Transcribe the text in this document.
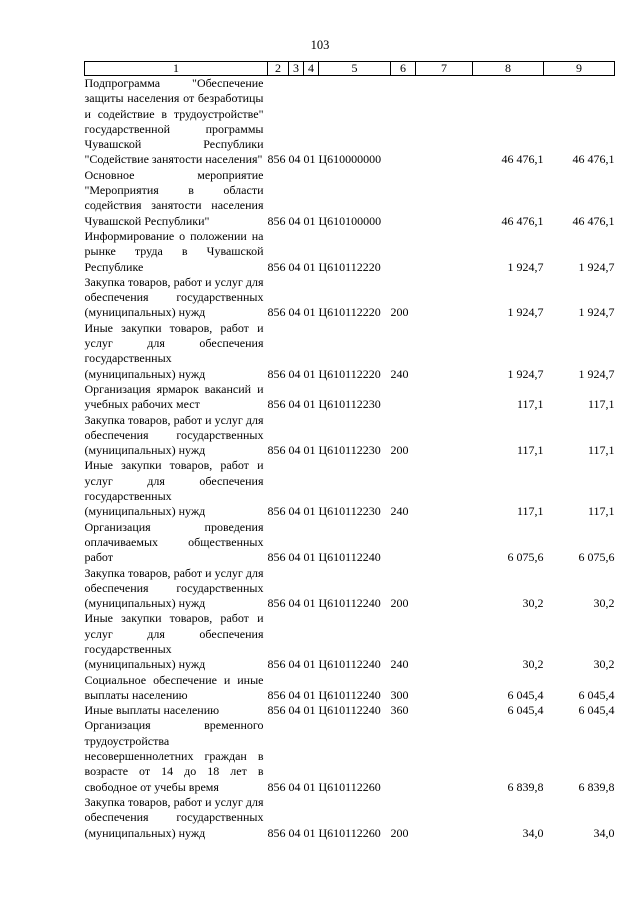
103
1	2	3	4	5	6	7	8	9
Подпрограмма "Обеспечение защиты населения от безработицы и содействие в трудоустройстве" государственной программы Чувашской Республики "Содействие занятости населения"	856	04	01	Ц610000000			46 476,1	46 476,1
Основное мероприятие "Мероприятия в области содействия занятости населения Чувашской Республики"	856	04	01	Ц610100000			46 476,1	46 476,1
Информирование о положении на рынке труда в Чувашской Республике	856	04	01	Ц610112220			1 924,7	1 924,7
Закупка товаров, работ и услуг для обеспечения государственных (муниципальных) нужд	856	04	01	Ц610112220	200		1 924,7	1 924,7
Иные закупки товаров, работ и услуг для обеспечения государственных (муниципальных) нужд	856	04	01	Ц610112220	240		1 924,7	1 924,7
Организация ярмарок вакансий и учебных рабочих мест	856	04	01	Ц610112230			117,1	117,1
Закупка товаров, работ и услуг для обеспечения государственных (муниципальных) нужд	856	04	01	Ц610112230	200		117,1	117,1
Иные закупки товаров, работ и услуг для обеспечения государственных (муниципальных) нужд	856	04	01	Ц610112230	240		117,1	117,1
Организация проведения оплачиваемых общественных работ	856	04	01	Ц610112240			6 075,6	6 075,6
Закупка товаров, работ и услуг для обеспечения государственных (муниципальных) нужд	856	04	01	Ц610112240	200		30,2	30,2
Иные закупки товаров, работ и услуг для обеспечения государственных (муниципальных) нужд	856	04	01	Ц610112240	240		30,2	30,2
Социальное обеспечение и иные выплаты населению	856	04	01	Ц610112240	300		6 045,4	6 045,4
Иные выплаты населению	856	04	01	Ц610112240	360		6 045,4	6 045,4
Организация временного трудоустройства несовершеннолетних граждан в возрасте от 14 до 18 лет в свободное от учебы время	856	04	01	Ц610112260			6 839,8	6 839,8
Закупка товаров, работ и услуг для обеспечения государственных (муниципальных) нужд	856	04	01	Ц610112260	200		34,0	34,0
